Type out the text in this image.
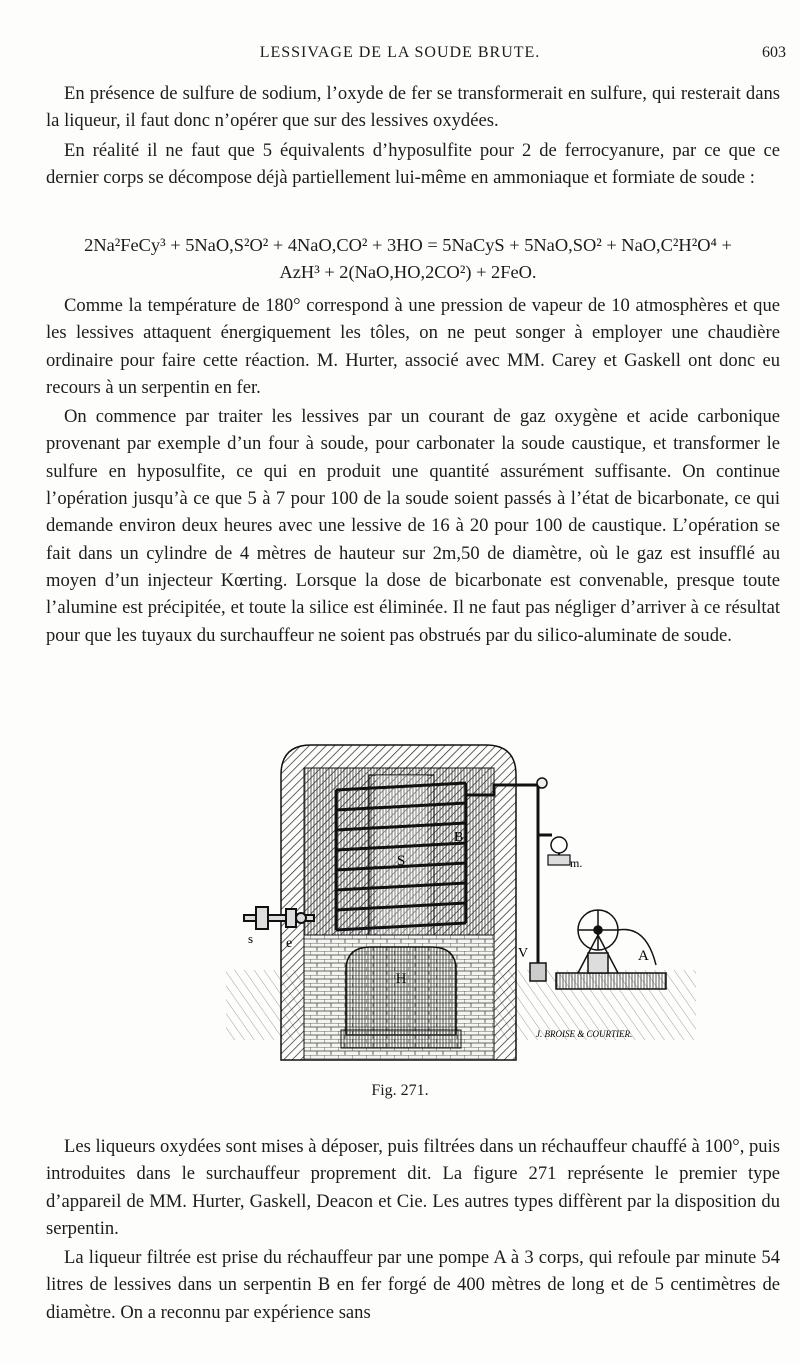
LESSIVAGE DE LA SOUDE BRUTE.	603

En présence de sulfure de sodium, l’oxyde de fer se transformerait en sulfure, qui resterait dans la liqueur, il faut donc n’opérer que sur des lessives oxydées.

En réalité il ne faut que 5 équivalents d’hyposulfite pour 2 de ferrocyanure, par ce que ce dernier corps se décompose déjà partiellement lui-même en ammoniaque et formiate de soude :

2Na²FeCy³ + 5NaO,S²O² + 4NaO,CO² + 3HO = 5NaCyS + 5NaO,SO² + NaO,C²H²O⁴ +
AzH³ + 2(NaO,HO,2CO²) + 2FeO.

Comme la température de 180° correspond à une pression de vapeur de 10 atmosphères et que les lessives attaquent énergiquement les tôles, on ne peut songer à employer une chaudière ordinaire pour faire cette réaction. M. Hurter, associé avec MM. Carey et Gaskell ont donc eu recours à un serpentin en fer.

On commence par traiter les lessives par un courant de gaz oxygène et acide carbonique provenant par exemple d’un four à soude, pour carbonater la soude caustique, et transformer le sulfure en hyposulfite, ce qui en produit une quantité assurément suffisante. On continue l’opération jusqu’à ce que 5 à 7 pour 100 de la soude soient passés à l’état de bicarbonate, ce qui demande environ deux heures avec une lessive de 16 à 20 pour 100 de caustique. L’opération se fait dans un cylindre de 4 mètres de hauteur sur 2m,50 de diamètre, où le gaz est insufflé au moyen d’un injecteur Kœrting. Lorsque la dose de bicarbonate est convenable, presque toute l’alumine est précipitée, et toute la silice est éliminée. Il ne faut pas négliger d’arriver à ce résultat pour que les tuyaux du surchauffeur ne soient pas obstrués par du silico-aluminate de soude.

S
B
H
e
s
V	A
m.
J. BROISE & COURTIER.
Fig. 271.

Les liqueurs oxydées sont mises à déposer, puis filtrées dans un réchauffeur chauffé à 100°, puis introduites dans le surchauffeur proprement dit. La figure 271 représente le premier type d’appareil de MM. Hurter, Gaskell, Deacon et Cie. Les autres types diffèrent par la disposition du serpentin.

La liqueur filtrée est prise du réchauffeur par une pompe A à 3 corps, qui refoule par minute 54 litres de lessives dans un serpentin B en fer forgé de 400 mètres de long et de 5 centimètres de diamètre. On a reconnu par expérience sans
